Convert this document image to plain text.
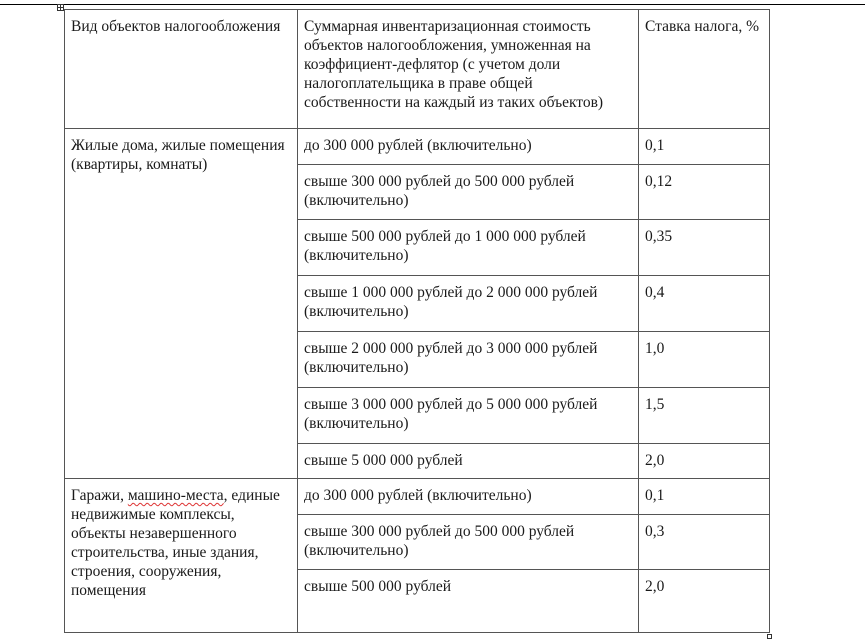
Вид объектов налогообложения	Суммарная инвентаризационная стоимость объектов налогообложения, умноженная на коэффициент-дефлятор (с учетом доли налогоплательщика в праве общей собственности на каждый из таких объектов)	Ставка налога, %
Жилые дома, жилые помещения (квартиры, комнаты)	до 300 000 рублей (включительно)	0,1
	свыше 300 000 рублей до 500 000 рублей (включительно)	0,12
	свыше 500 000 рублей до 1 000 000 рублей (включительно)	0,35
	свыше 1 000 000 рублей до 2 000 000 рублей (включительно)	0,4
	свыше 2 000 000 рублей до 3 000 000 рублей (включительно)	1,0
	свыше 3 000 000 рублей до 5 000 000 рублей (включительно)	1,5
	свыше 5 000 000 рублей	2,0
Гаражи, машино-места, единые недвижимые комплексы, объекты незавершенного строительства, иные здания, строения, сооружения, помещения	до 300 000 рублей (включительно)	0,1
	свыше 300 000 рублей до 500 000 рублей (включительно)	0,3
	свыше 500 000 рублей	2,0
